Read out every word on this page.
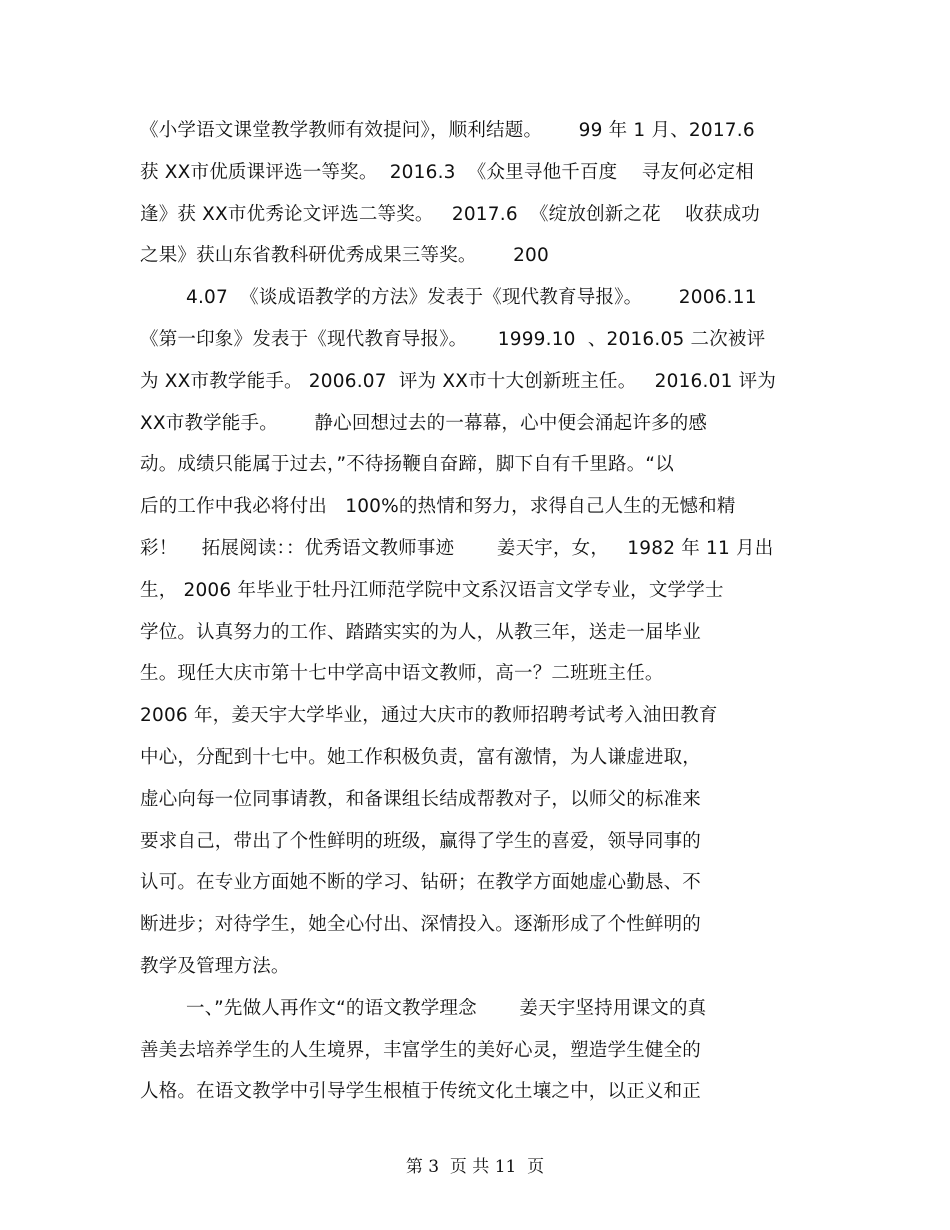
《小学语文课堂教学教师有效提问》，顺利结题。      99 年 1 月、2017.6
获 XX市优质课评选一等奖。  2016.3  《众里寻他千百度    寻友何必定相
逢》获 XX市优秀论文评选二等奖。   2017.6  《绽放创新之花    收获成功
之果》获山东省教科研优秀成果三等奖。      200
4.07  《谈成语教学的方法》发表于《现代教育导报》。      2006.11
《第一印象》发表于《现代教育导报》。     1999.10  、2016.05 二次被评
为 XX市教学能手。 2006.07  评为 XX市十大创新班主任。   2016.01 评为
XX市教学能手。      静心回想过去的一幕幕，心中便会涌起许多的感
动。成绩只能属于过去，”不待扬鞭自奋蹄，脚下自有千里路。“以
后的工作中我必将付出   100%的热情和努力，求得自己人生的无憾和精
彩！    拓展阅读：：优秀语文教师事迹       姜天宇，女，   1982 年 11 月出
生， 2006 年毕业于牡丹江师范学院中文系汉语言文学专业，文学学士
学位。认真努力的工作、踏踏实实的为人，从教三年，送走一届毕业
生。现任大庆市第十七中学高中语文教师，高一？二班班主任。
2006 年，姜天宇大学毕业，通过大庆市的教师招聘考试考入油田教育
中心，分配到十七中。她工作积极负责，富有激情，为人谦虚进取，
虚心向每一位同事请教，和备课组长结成帮教对子，以师父的标准来
要求自己，带出了个性鲜明的班级，赢得了学生的喜爱，领导同事的
认可。在专业方面她不断的学习、钻研；在教学方面她虚心勤恳、不
断进步；对待学生，她全心付出、深情投入。逐渐形成了个性鲜明的
教学及管理方法。
一、”先做人再作文“的语文教学理念       姜天宇坚持用课文的真
善美去培养学生的人生境界，丰富学生的美好心灵，塑造学生健全的
人格。在语文教学中引导学生根植于传统文化土壤之中，以正义和正
第 3  页 共 11  页
